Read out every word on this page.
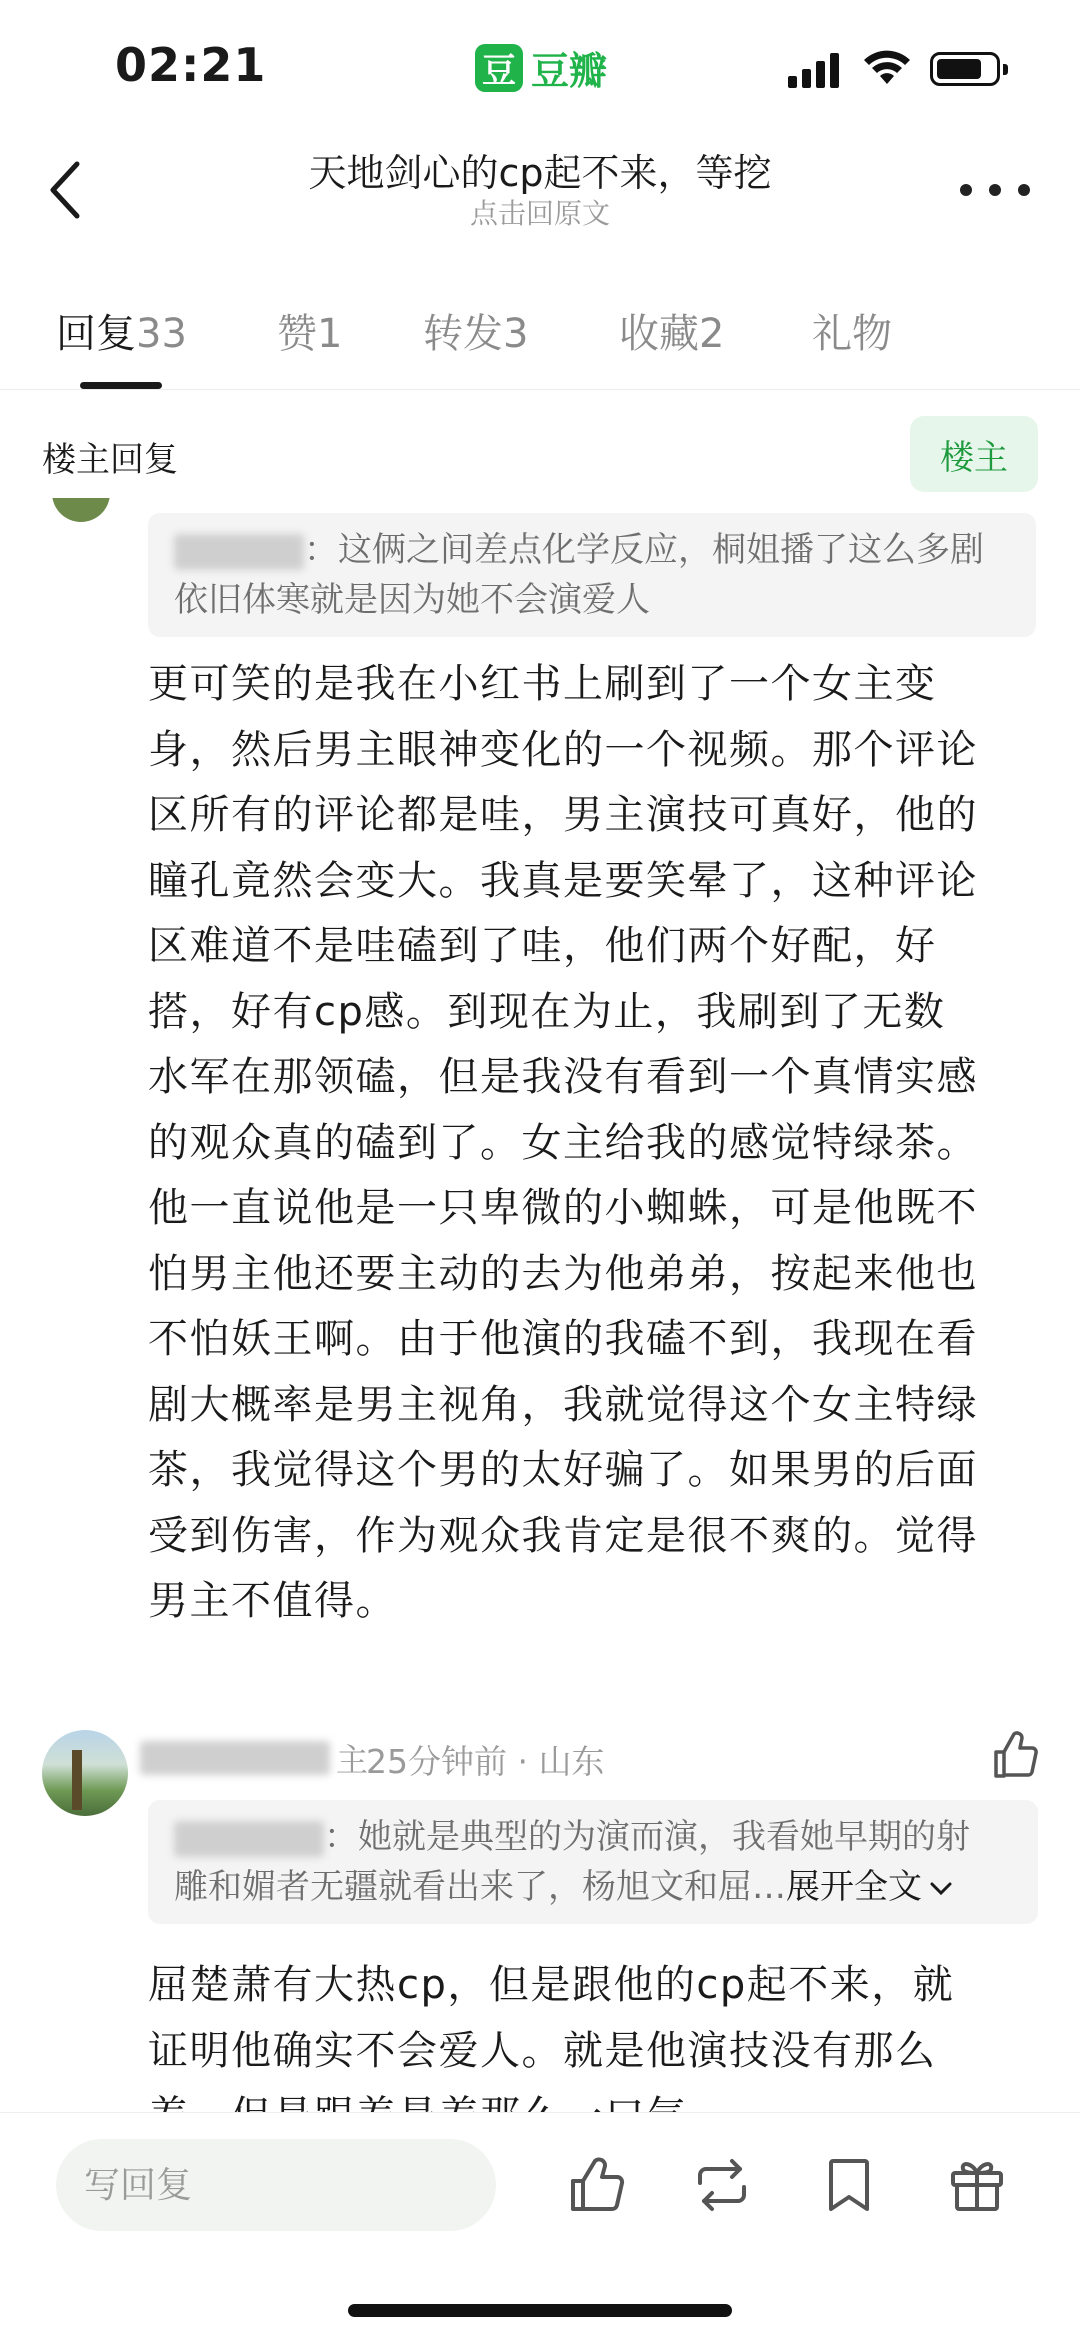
02:21	豆 豆瓣
天地剑心的cp起不来，等挖
点击回原文
回复33 赞1 转发3 收藏2 礼物
楼主回复	楼主
：这俩之间差点化学反应，桐姐播了这么多剧依旧体寒就是因为她不会演爱人
更可笑的是我在小红书上刷到了一个女主变
身，然后男主眼神变化的一个视频。那个评论
区所有的评论都是哇，男主演技可真好，他的
瞳孔竟然会变大。我真是要笑晕了，这种评论
区难道不是哇磕到了哇，他们两个好配，好
搭，好有cp感。到现在为止，我刷到了无数
水军在那领磕，但是我没有看到一个真情实感
的观众真的磕到了。女主给我的感觉特绿茶。
他一直说他是一只卑微的小蜘蛛，可是他既不
怕男主他还要主动的去为他弟弟，按起来他也
不怕妖王啊。由于他演的我磕不到，我现在看
剧大概率是男主视角，我就觉得这个女主特绿
茶，我觉得这个男的太好骗了。如果男的后面
受到伤害，作为观众我肯定是很不爽的。觉得
男主不值得。
主
25分钟前 · 山东
：她就是典型的为演而演，我看她早期的射
雕和媚者无疆就看出来了，杨旭文和屈…展开全文
屈楚萧有大热cp，但是跟他的cp起不来，就
证明他确实不会爱人。就是他演技没有那么
写回复
